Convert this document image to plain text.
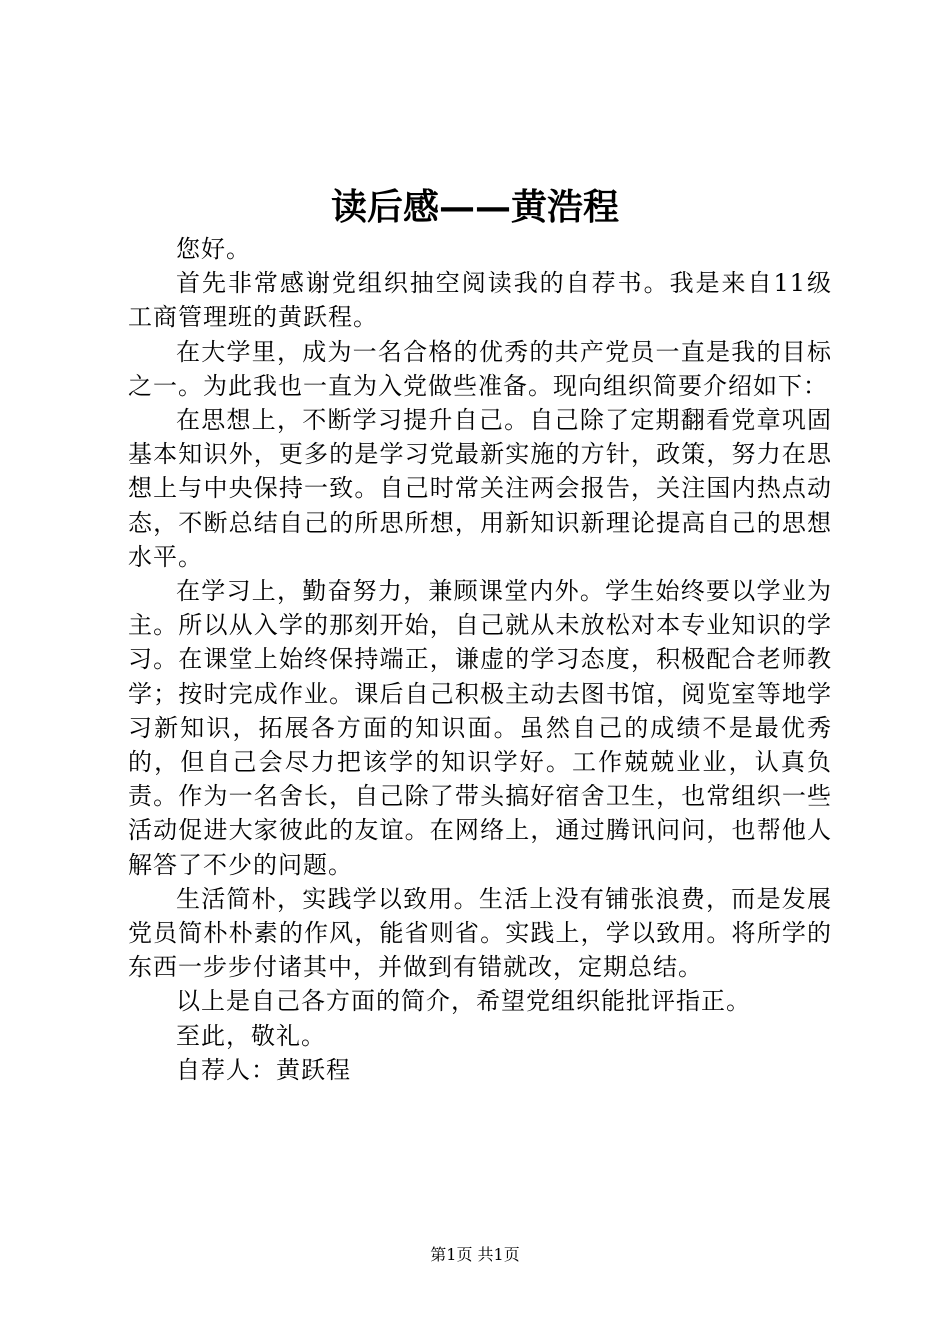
读后感——黄浩程

您好。

首先非常感谢党组织抽空阅读我的自荐书。我是来自11级工商管理班的黄跃程。

在大学里，成为一名合格的优秀的共产党员一直是我的目标之一。为此我也一直为入党做些准备。现向组织简要介绍如下：

在思想上，不断学习提升自己。自己除了定期翻看党章巩固基本知识外，更多的是学习党最新实施的方针，政策，努力在思想上与中央保持一致。自己时常关注两会报告，关注国内热点动态，不断总结自己的所思所想，用新知识新理论提高自己的思想水平。

在学习上，勤奋努力，兼顾课堂内外。学生始终要以学业为主。所以从入学的那刻开始，自己就从未放松对本专业知识的学习。在课堂上始终保持端正，谦虚的学习态度，积极配合老师教学；按时完成作业。课后自己积极主动去图书馆，阅览室等地学习新知识，拓展各方面的知识面。虽然自己的成绩不是最优秀的，但自己会尽力把该学的知识学好。工作兢兢业业，认真负责。作为一名舍长，自己除了带头搞好宿舍卫生，也常组织一些活动促进大家彼此的友谊。在网络上，通过腾讯问问，也帮他人解答了不少的问题。

生活简朴，实践学以致用。生活上没有铺张浪费，而是发展党员简朴朴素的作风，能省则省。实践上，学以致用。将所学的东西一步步付诸其中，并做到有错就改，定期总结。

以上是自己各方面的简介，希望党组织能批评指正。

至此，敬礼。

自荐人：黄跃程

第1页 共1页
